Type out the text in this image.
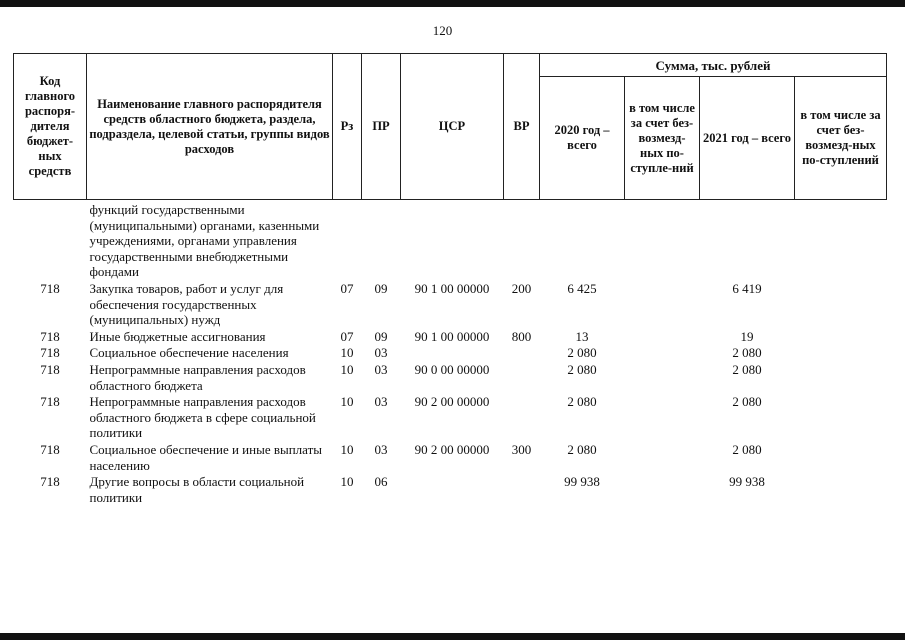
120
Код главного распоря-дителя бюджет-ных средств	Наименование главного распорядителя средств областного бюджета, раздела, подраздела, целевой статьи, группы видов расходов	Рз	ПР	ЦСР	ВР	Сумма, тыс. рублей			
						2020 год – всего	в том числе за счет без-возмезд-ных по-ступле-ний	2021 год – всего	в том числе за счет без-возмезд-ных по-ступлений
	функций государственными (муниципальными) органами, казенными учреждениями, органами управления государственными внебюджетными фондами								
718	Закупка товаров, работ и услуг для обеспечения государственных (муниципальных) нужд	07	09	90 1 00 00000	200	6 425		6 419	
718	Иные бюджетные ассигнования	07	09	90 1 00 00000	800	13		19	
718	Социальное обеспечение населения	10	03			2 080		2 080	
718	Непрограммные направления расходов областного бюджета	10	03	90 0 00 00000		2 080		2 080	
718	Непрограммные направления расходов областного бюджета в сфере социальной политики	10	03	90 2 00 00000		2 080		2 080	
718	Социальное обеспечение и иные выплаты населению	10	03	90 2 00 00000	300	2 080		2 080	
718	Другие вопросы в области социальной политики	10	06			99 938		99 938	
